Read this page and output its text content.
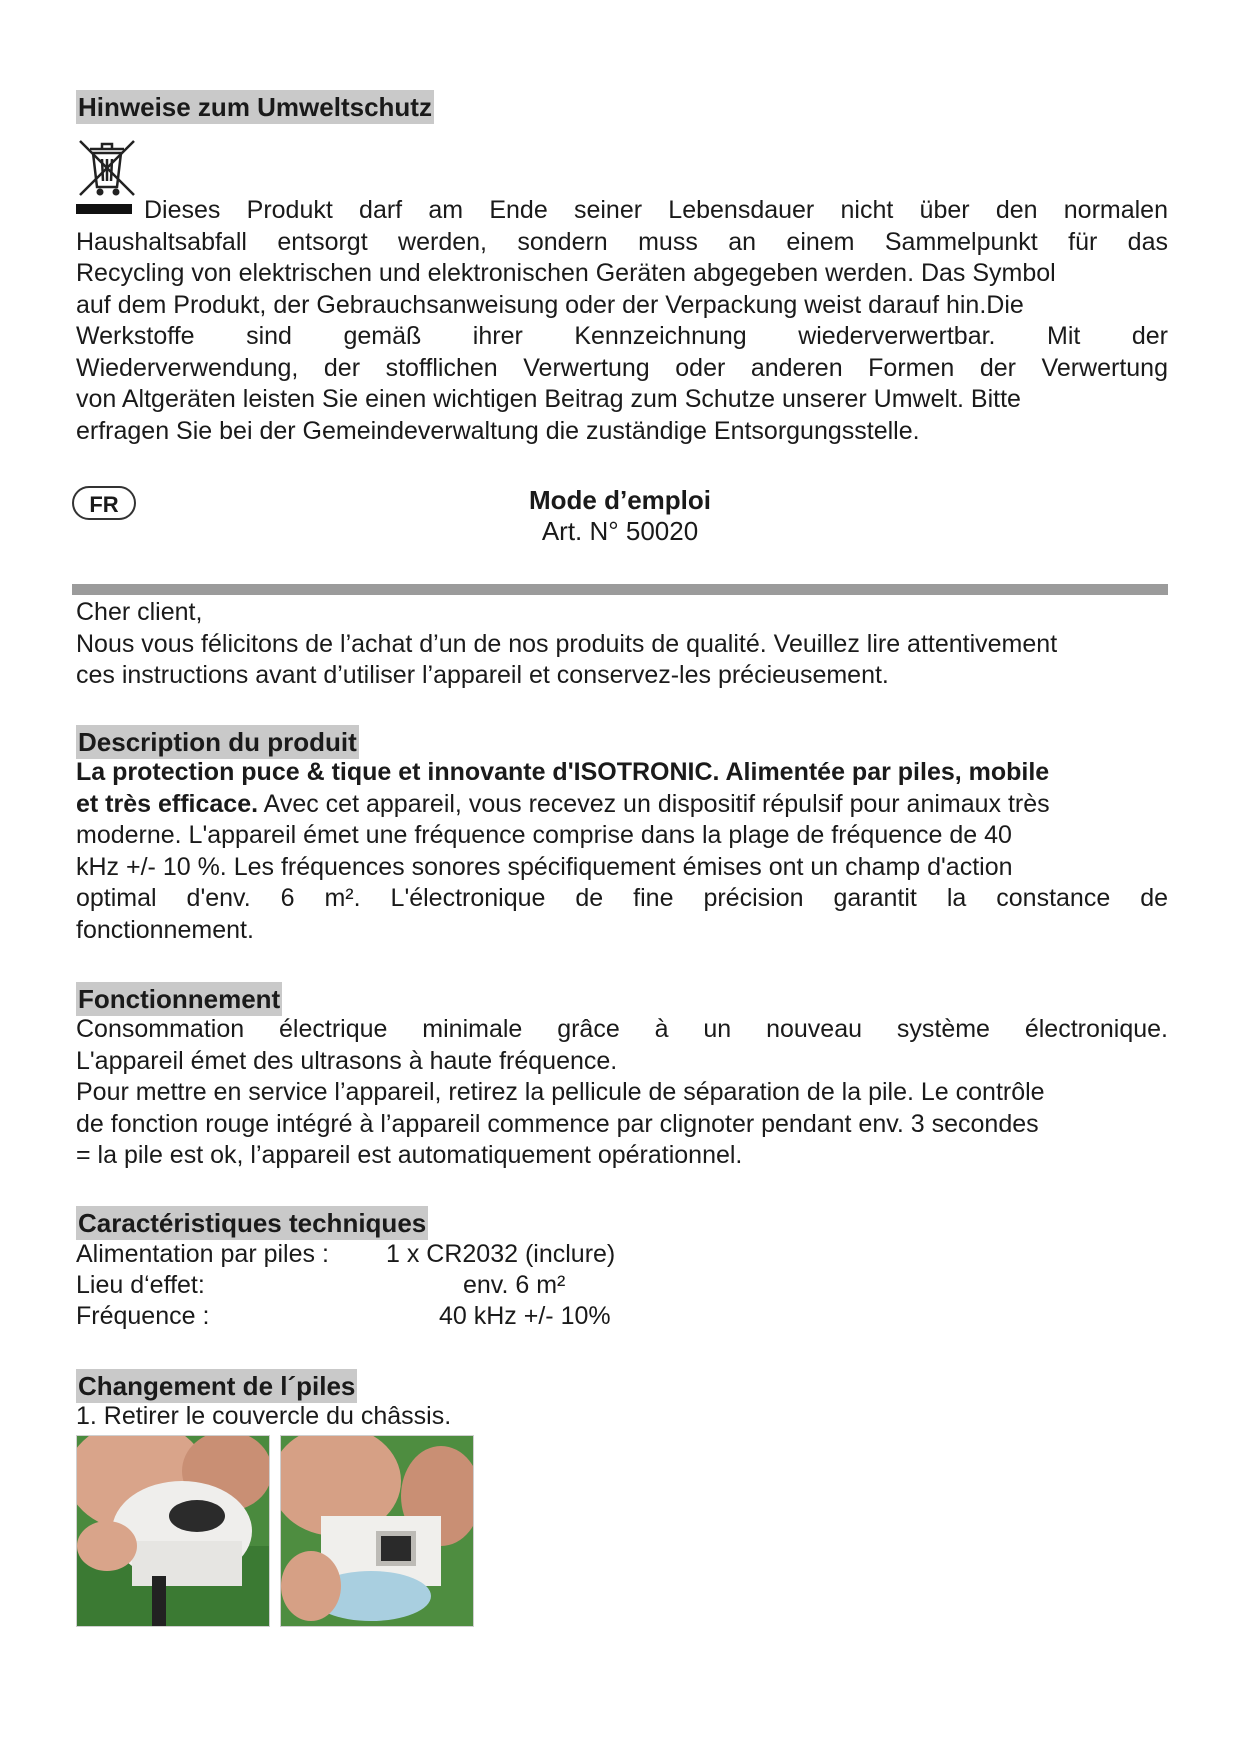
Hinweise zum Umweltschutz
Dieses Produkt darf am Ende seiner Lebensdauer nicht über den normalen
Haushaltsabfall entsorgt werden, sondern muss an einem Sammelpunkt für das
Recycling von elektrischen und elektronischen Geräten abgegeben werden. Das Symbol
auf dem Produkt, der Gebrauchsanweisung oder der Verpackung weist darauf hin.Die
Werkstoffe sind gemäß ihrer Kennzeichnung wiederverwertbar. Mit der
Wiederverwendung, der stofflichen Verwertung oder anderen Formen der Verwertung
von Altgeräten leisten Sie einen wichtigen Beitrag zum Schutze unserer Umwelt. Bitte
erfragen Sie bei der Gemeindeverwaltung die zuständige Entsorgungsstelle.
FR	Mode d’emploi
Art. N° 50020
Cher client,
Nous vous félicitons de l’achat d’un de nos produits de qualité. Veuillez lire attentivement
ces instructions avant d’utiliser l’appareil et conservez-les précieusement.
Description du produit
La protection puce & tique et innovante d'ISOTRONIC. Alimentée par piles, mobile
et très efficace. Avec cet appareil, vous recevez un dispositif répulsif pour animaux très
moderne. L'appareil émet une fréquence comprise dans la plage de fréquence de 40
kHz +/- 10 %. Les fréquences sonores spécifiquement émises ont un champ d'action
optimal d'env. 6 m². L'électronique de fine précision garantit la constance de
fonctionnement.
Fonctionnement
Consommation électrique minimale grâce à un nouveau système électronique.
L'appareil émet des ultrasons à haute fréquence.
Pour mettre en service l’appareil, retirez la pellicule de séparation de la pile. Le contrôle
de fonction rouge intégré à l’appareil commence par clignoter pendant env. 3 secondes
= la pile est ok, l’appareil est automatiquement opérationnel.
Caractéristiques techniques
Alimentation par piles : 1 x CR2032 (inclure)
Lieu d‘effet:	env. 6 m²
Fréquence :	40 kHz +/- 10%
Changement de l´piles
1. Retirer le couvercle du châssis.
